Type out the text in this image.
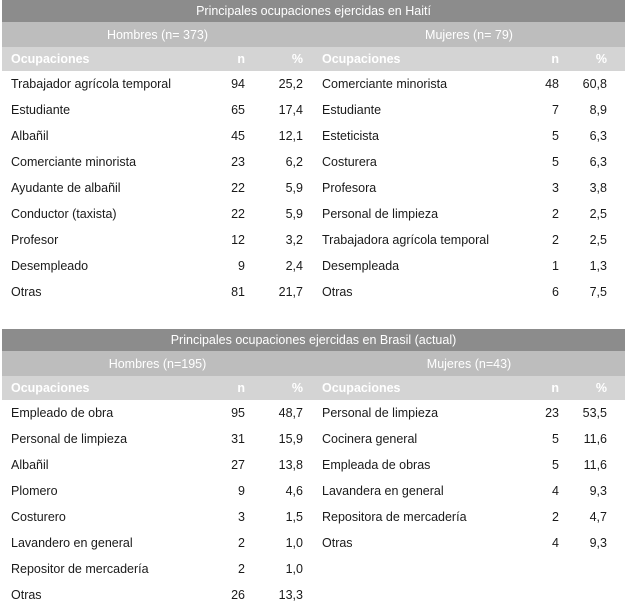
Principales ocupaciones ejercidas en Haití
Hombres (n= 373)	Mujeres (n= 79)
Ocupaciones	n	%	Ocupaciones	n	%
Trabajador agrícola temporal	94	25,2	Comerciante minorista	48	60,8
Estudiante	65	17,4	Estudiante	7	8,9
Albañil	45	12,1	Esteticista	5	6,3
Comerciante minorista	23	6,2	Costurera	5	6,3
Ayudante de albañil	22	5,9	Profesora	3	3,8
Conductor (taxista)	22	5,9	Personal de limpieza	2	2,5
Profesor	12	3,2	Trabajadora agrícola temporal	2	2,5
Desempleado	9	2,4	Desempleada	1	1,3
Otras	81	21,7	Otras	6	7,5
Principales ocupaciones ejercidas en Brasil (actual)
Hombres (n=195)	Mujeres (n=43)
Ocupaciones	n	%	Ocupaciones	n	%
Empleado de obra	95	48,7	Personal de limpieza	23	53,5
Personal de limpieza	31	15,9	Cocinera general	5	11,6
Albañil	27	13,8	Empleada de obras	5	11,6
Plomero	9	4,6	Lavandera en general	4	9,3
Costurero	3	1,5	Repositora de mercadería	2	4,7
Lavandero en general	2	1,0	Otras	4	9,3
Repositor de mercadería	2	1,0
Otras	26	13,3
